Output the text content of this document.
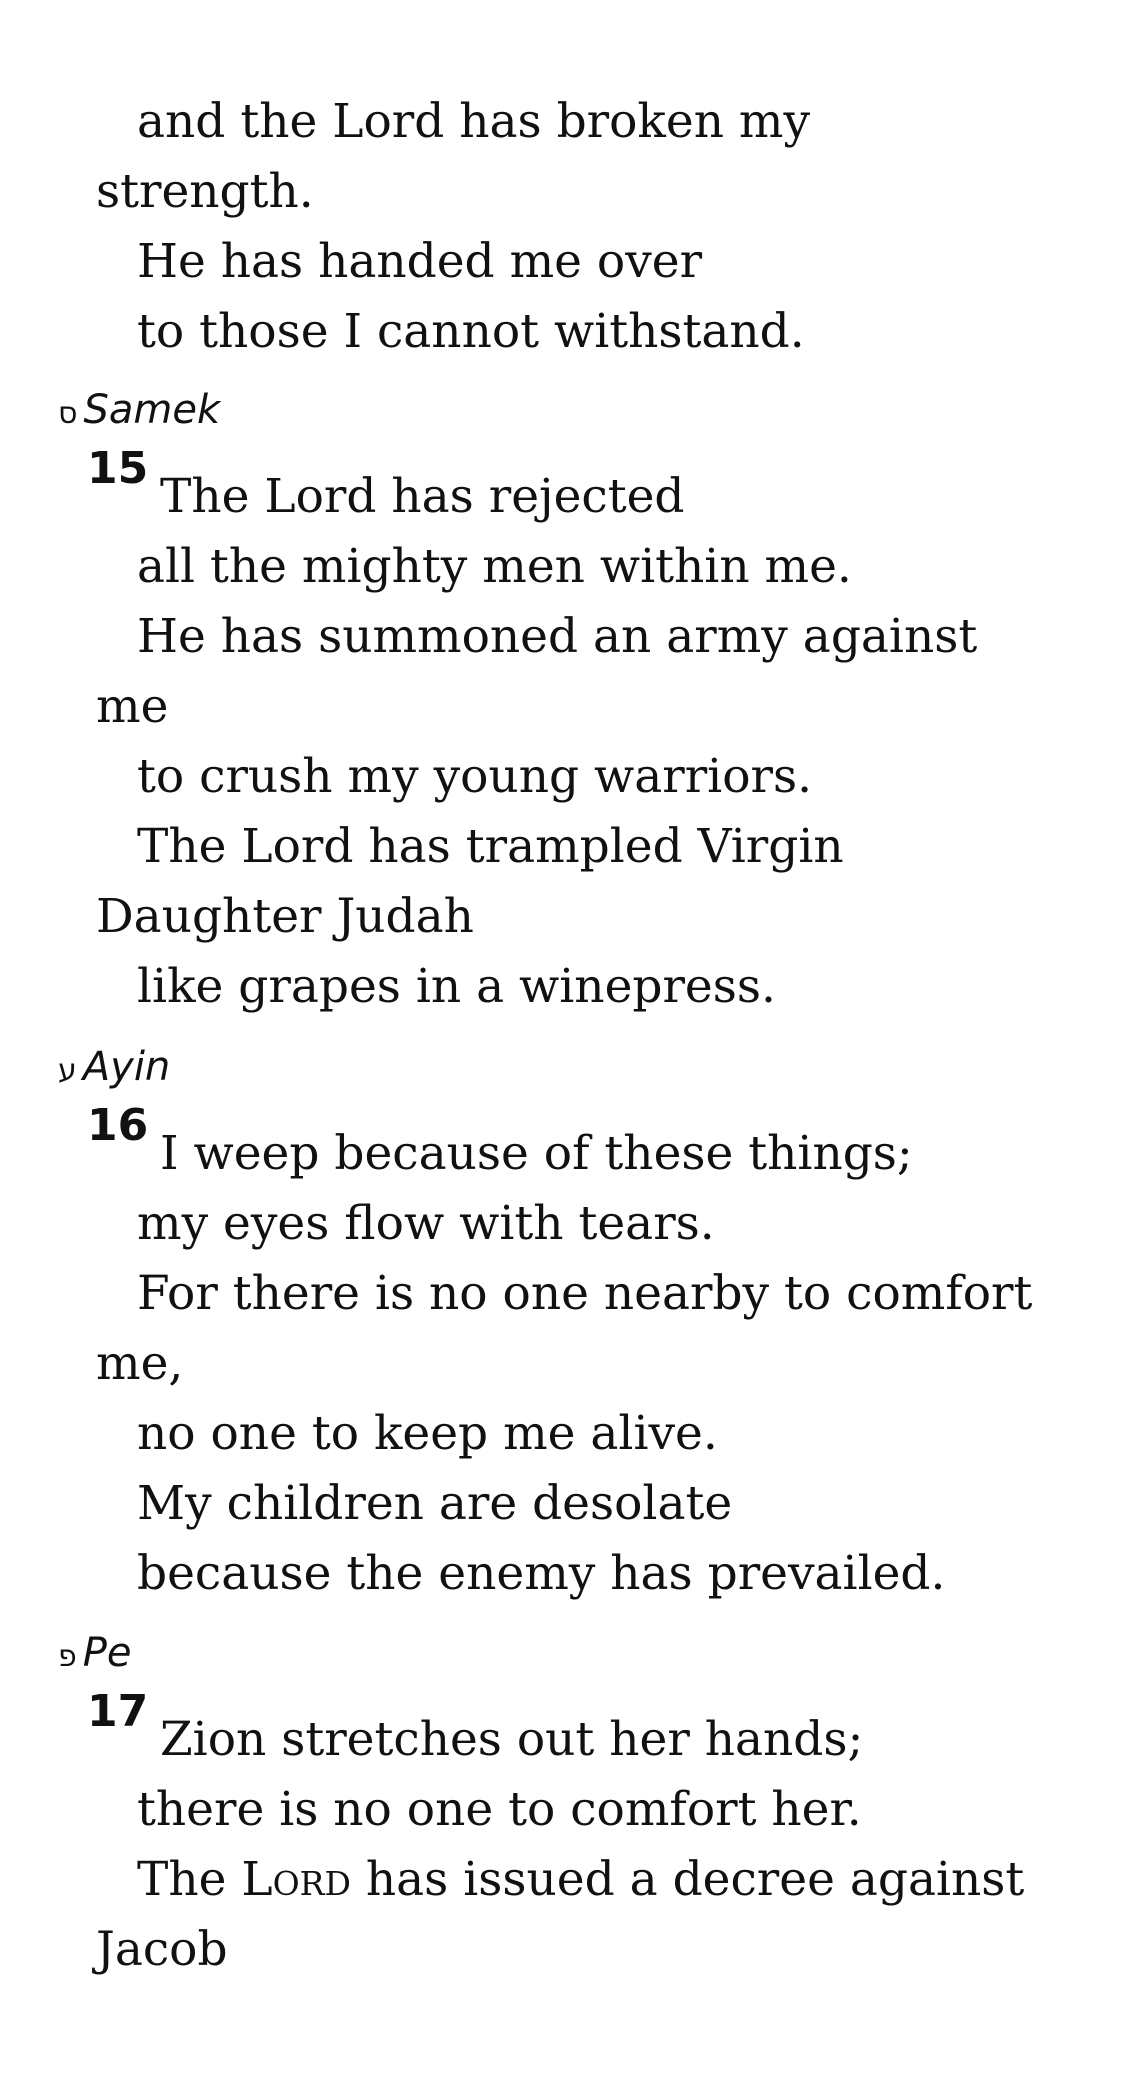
and the Lord has broken my

strength.

He has handed me over

to those I cannot withstand.

ס Samek
15

The Lord has rejected

all the mighty men within me.

He has summoned an army against

me

to crush my young warriors.

The Lord has trampled Virgin

Daughter Judah

like grapes in a winepress.

ע Ayin
16

I weep because of these things;

my eyes flow with tears.

For there is no one nearby to comfort

me,

no one to keep me alive.

My children are desolate

because the enemy has prevailed.

פ Pe
17

Zion stretches out her hands;

there is no one to comfort her.

The Lord has issued a decree against

Jacob
